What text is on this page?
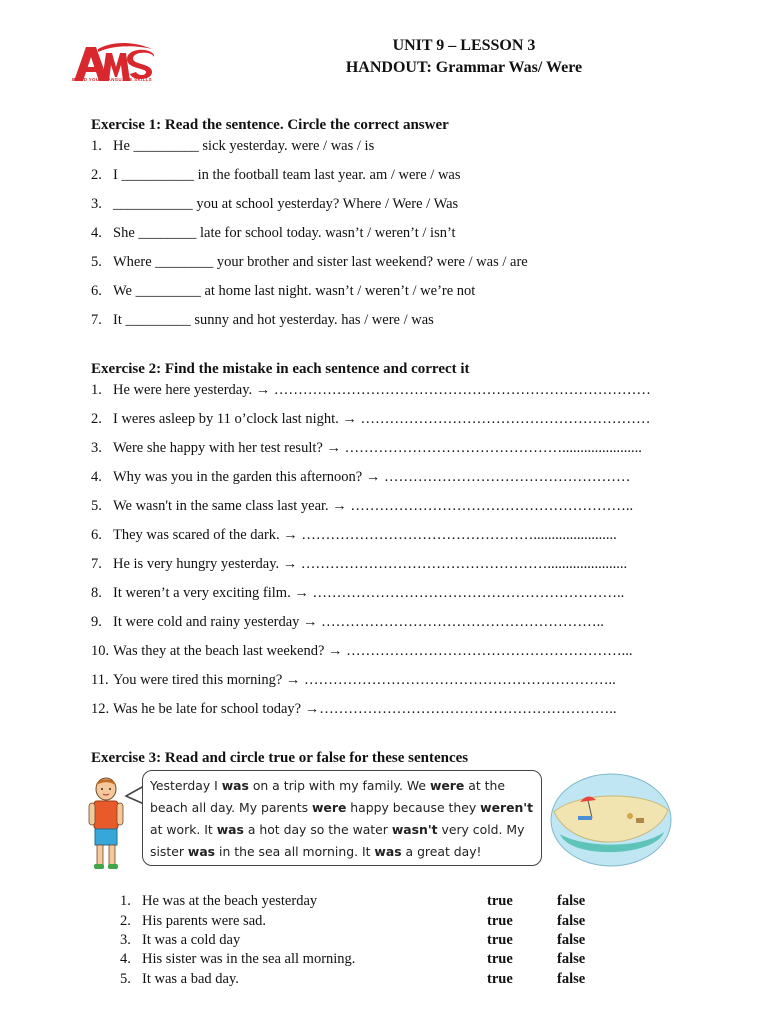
BUILD YOUR LANGUAGE SKILLS
UNIT 9 – LESSON 3
HANDOUT: Grammar Was/ Were
Exercise 1: Read the sentence. Circle the correct answer
1. He _________ sick yesterday. were / was / is
2. I __________ in the football team last year. am / were / was
3. ___________ you at school yesterday? Where / Were / Was
4. She ________ late for school today. wasn’t / weren’t / isn’t
5. Where ________ your brother and sister last weekend? were / was / are
6. We _________ at home last night. wasn’t / weren’t / we’re not
7. It _________ sunny and hot yesterday. has / were / was
Exercise 2: Find the mistake in each sentence and correct it
1. He were here yesterday. → ……………………………………………………………………
2. I weres asleep by 11 o’clock last night. → ……………………………………………………
3. Were she happy with her test result? → ………………………………………......................
4. Why was you in the garden this afternoon? → ……………………………………………
5. We wasn't in the same class last year. → …………………………………………………..
6. They was scared of the dark. → ………………………………………….......................
7. He is very hungry yesterday. → ……………………………………………......................
8. It weren’t a very exciting film. → ………………………………………………………..
9. It were cold and rainy yesterday → …………………………………………………..
10. Was they at the beach last weekend? → …………………………………………………...
11. You were tired this morning? → ………………………………………………………..
12. Was he be late for school today? →……………………………………………………..
Exercise 3: Read and circle true or false for these sentences
Yesterday I was on a trip with my family. We were at the beach all day. My parents were happy because they weren't at work. It was a hot day so the water wasn't very cold. My sister was in the sea all morning. It was a great day!
1. He was at the beach yesterday	true	false
2. His parents were sad.	true	false
3. It was a cold day	true	false
4. His sister was in the sea all morning.	true	false
5. It was a bad day.	true	false
